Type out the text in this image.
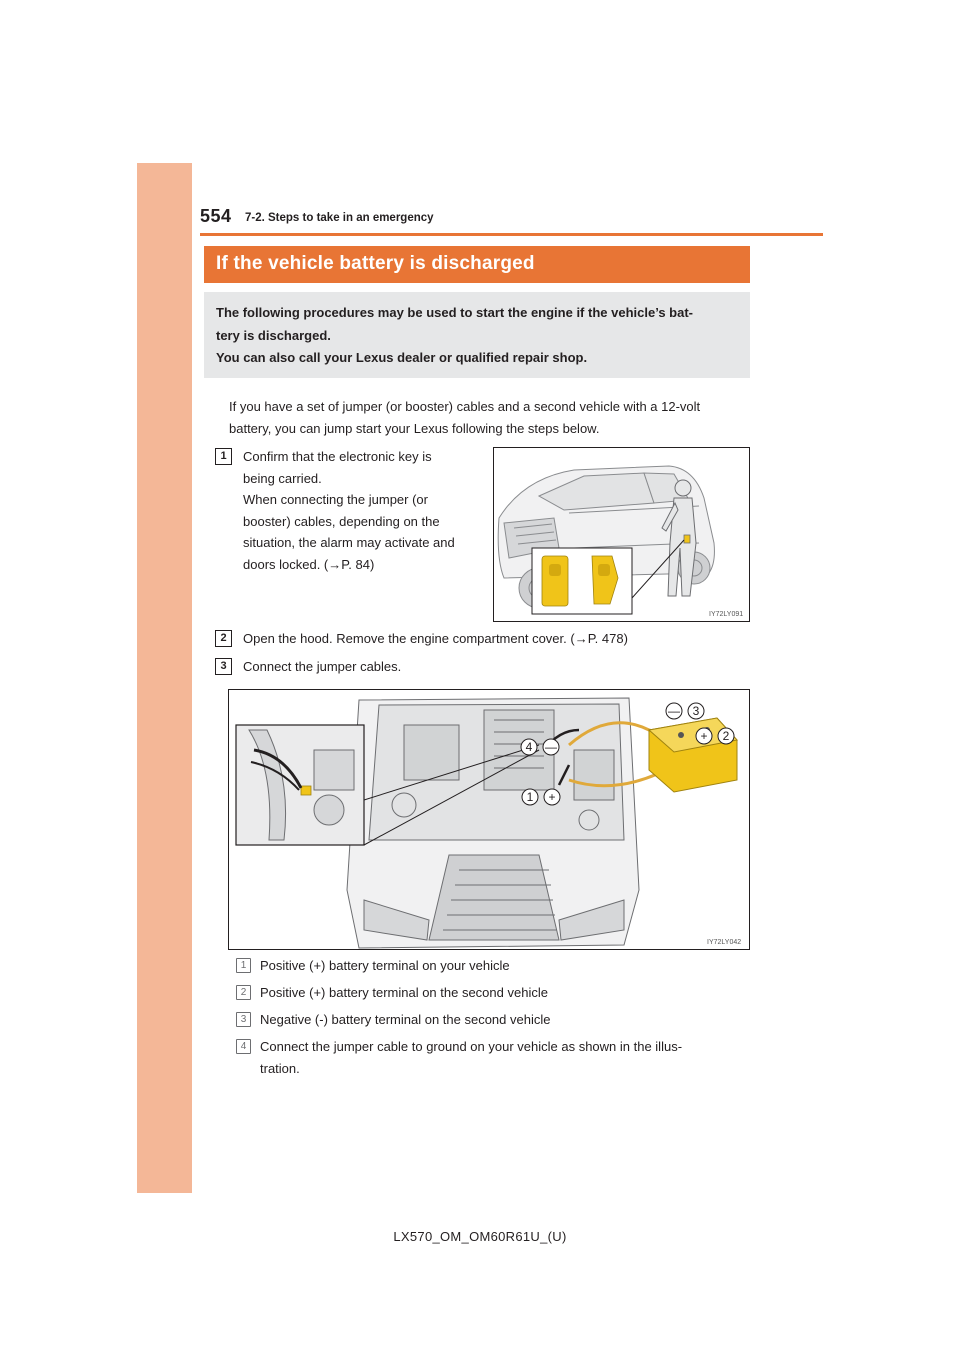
554 7-2. Steps to take in an emergency
If the vehicle battery is discharged
The following procedures may be used to start the engine if the vehicle’s bat-
tery is discharged.
You can also call your Lexus dealer or qualified repair shop.
If you have a set of jumper (or booster) cables and a second vehicle with a 12-volt
battery, you can jump start your Lexus following the steps below.
1	Confirm that the electronic key is
being carried.
When connecting the jumper (or
booster) cables, depending on the
situation, the alarm may activate and
doors locked. (→P. 84)
IY72LY091
2	Open the hood. Remove the engine compartment cover. (→P. 478)
3	Connect the jumper cables.
— 3
+ 2
4 —
1 +
IY72LY042
1	Positive (+) battery terminal on your vehicle
2	Positive (+) battery terminal on the second vehicle
3	Negative (-) battery terminal on the second vehicle
4	Connect the jumper cable to ground on your vehicle as shown in the illus-
tration.
LX570_OM_OM60R61U_(U)
